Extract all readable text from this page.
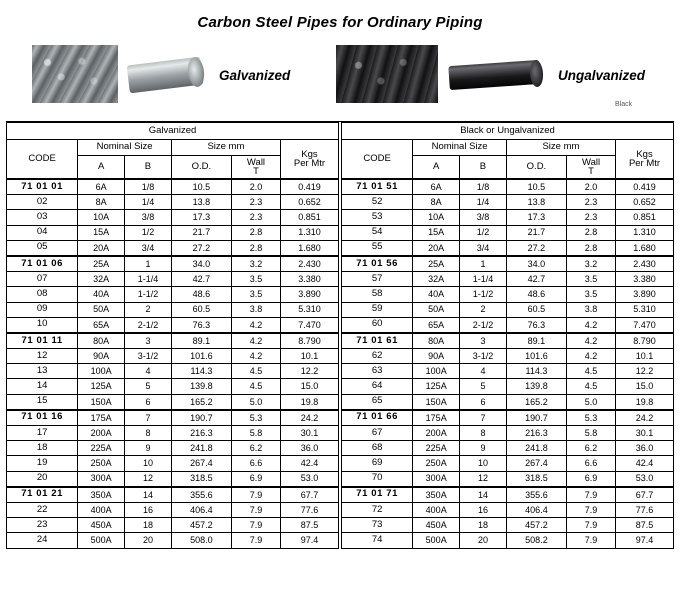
Carbon Steel Pipes for Ordinary Piping
Galvanized	Ungalvanized
Black
Galvanized					
CODE	Nominal Size		Size mm		Kgs
Per Mtr

	A	B	O.D.	Wall
T	

71 01 01	6A	1/8	10.5	2.0	0.419
02	8A	1/4	13.8	2.3	0.652
03	10A	3/8	17.3	2.3	0.851
04	15A	1/2	21.7	2.8	1.310
05	20A	3/4	27.2	2.8	1.680
71 01 06	25A	1	34.0	3.2	2.430
07	32A	1-1/4	42.7	3.5	3.380
08	40A	1-1/2	48.6	3.5	3.890
09	50A	2	60.5	3.8	5.310
10	65A	2-1/2	76.3	4.2	7.470
71 01 11	80A	3	89.1	4.2	8.790
12	90A	3-1/2	101.6	4.2	10.1
13	100A	4	114.3	4.5	12.2
14	125A	5	139.8	4.5	15.0
15	150A	6	165.2	5.0	19.8
71 01 16	175A	7	190.7	5.3	24.2
17	200A	8	216.3	5.8	30.1
18	225A	9	241.8	6.2	36.0
19	250A	10	267.4	6.6	42.4
20	300A	12	318.5	6.9	53.0
71 01 21	350A	14	355.6	7.9	67.7
22	400A	16	406.4	7.9	77.6
23	450A	18	457.2	7.9	87.5
24	500A	20	508.0	7.9	97.4
Black or Ungalvanized					
CODE	Nominal Size		Size mm		Kgs
Per Mtr

	A	B	O.D.	Wall
T	

71 01 51	6A	1/8	10.5	2.0	0.419
52	8A	1/4	13.8	2.3	0.652
53	10A	3/8	17.3	2.3	0.851
54	15A	1/2	21.7	2.8	1.310
55	20A	3/4	27.2	2.8	1.680
71 01 56	25A	1	34.0	3.2	2.430
57	32A	1-1/4	42.7	3.5	3.380
58	40A	1-1/2	48.6	3.5	3.890
59	50A	2	60.5	3.8	5.310
60	65A	2-1/2	76.3	4.2	7.470
71 01 61	80A	3	89.1	4.2	8.790
62	90A	3-1/2	101.6	4.2	10.1
63	100A	4	114.3	4.5	12.2
64	125A	5	139.8	4.5	15.0
65	150A	6	165.2	5.0	19.8
71 01 66	175A	7	190.7	5.3	24.2
67	200A	8	216.3	5.8	30.1
68	225A	9	241.8	6.2	36.0
69	250A	10	267.4	6.6	42.4
70	300A	12	318.5	6.9	53.0
71 01 71	350A	14	355.6	7.9	67.7
72	400A	16	406.4	7.9	77.6
73	450A	18	457.2	7.9	87.5
74	500A	20	508.2	7.9	97.4
